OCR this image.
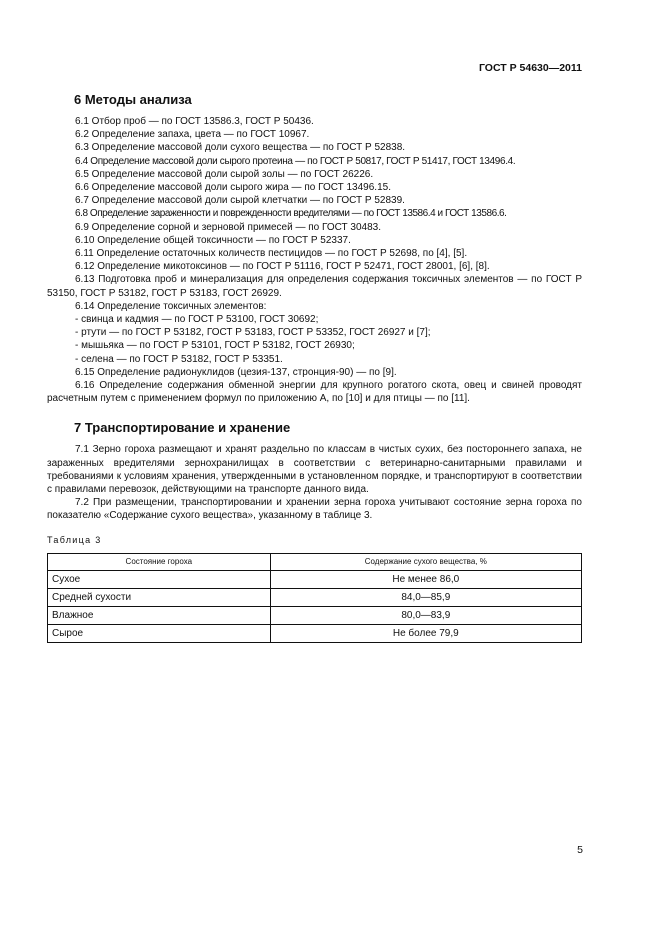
ГОСТ Р 54630—2011
6 Методы анализа

6.1 Отбор проб — по ГОСТ 13586.3, ГОСТ Р 50436.

6.2 Определение запаха, цвета — по ГОСТ 10967.

6.3 Определение массовой доли сухого вещества — по ГОСТ Р 52838.

6.4 Определение массовой доли сырого протеина — по ГОСТ Р 50817, ГОСТ Р 51417, ГОСТ 13496.4.

6.5 Определение массовой доли сырой золы — по ГОСТ 26226.

6.6 Определение массовой доли сырого жира — по ГОСТ 13496.15.

6.7 Определение массовой доли сырой клетчатки — по ГОСТ Р 52839.

6.8 Определение зараженности и поврежденности вредителями — по ГОСТ 13586.4 и ГОСТ 13586.6.

6.9 Определение сорной и зерновой примесей — по ГОСТ 30483.

6.10 Определение общей токсичности — по ГОСТ Р 52337.

6.11 Определение остаточных количеств пестицидов — по ГОСТ Р 52698, по [4], [5].

6.12 Определение микотоксинов — по ГОСТ Р 51116, ГОСТ Р 52471, ГОСТ 28001, [6], [8].

6.13 Подготовка проб и минерализация для определения содержания токсичных элементов — по ГОСТ Р 53150, ГОСТ Р 53182, ГОСТ Р 53183, ГОСТ 26929.

6.14 Определение токсичных элементов:

- свинца и кадмия — по ГОСТ Р 53100, ГОСТ 30692;

- ртути — по ГОСТ Р 53182, ГОСТ Р 53183, ГОСТ Р 53352, ГОСТ 26927 и [7];

- мышьяка — по ГОСТ Р 53101, ГОСТ Р 53182, ГОСТ 26930;

- селена — по ГОСТ Р 53182, ГОСТ Р 53351.

6.15 Определение радионуклидов (цезия-137, стронция-90) — по [9].

6.16 Определение содержания обменной энергии для крупного рогатого скота, овец и свиней проводят расчетным путем с применением формул по приложению А, по [10] и для птицы — по [11].

7 Транспортирование и хранение

7.1 Зерно гороха размещают и хранят раздельно по классам в чистых сухих, без постороннего запаха, не зараженных вредителями зернохранилищах в соответствии с ветеринарно-санитарными правилами и требованиями к условиям хранения, утвержденными в установленном порядке, и транспортируют в соответствии с правилами перевозок, действующими на транспорте данного вида.

7.2 При размещении, транспортировании и хранении зерна гороха учитывают состояние зерна гороха по показателю «Содержание сухого вещества», указанному в таблице 3.

Таблица 3
Состояние гороха	Содержание сухого вещества, %
Сухое	Не менее 86,0
Средней сухости	84,0—85,9
Влажное	80,0—83,9
Сырое	Не более 79,9
5
